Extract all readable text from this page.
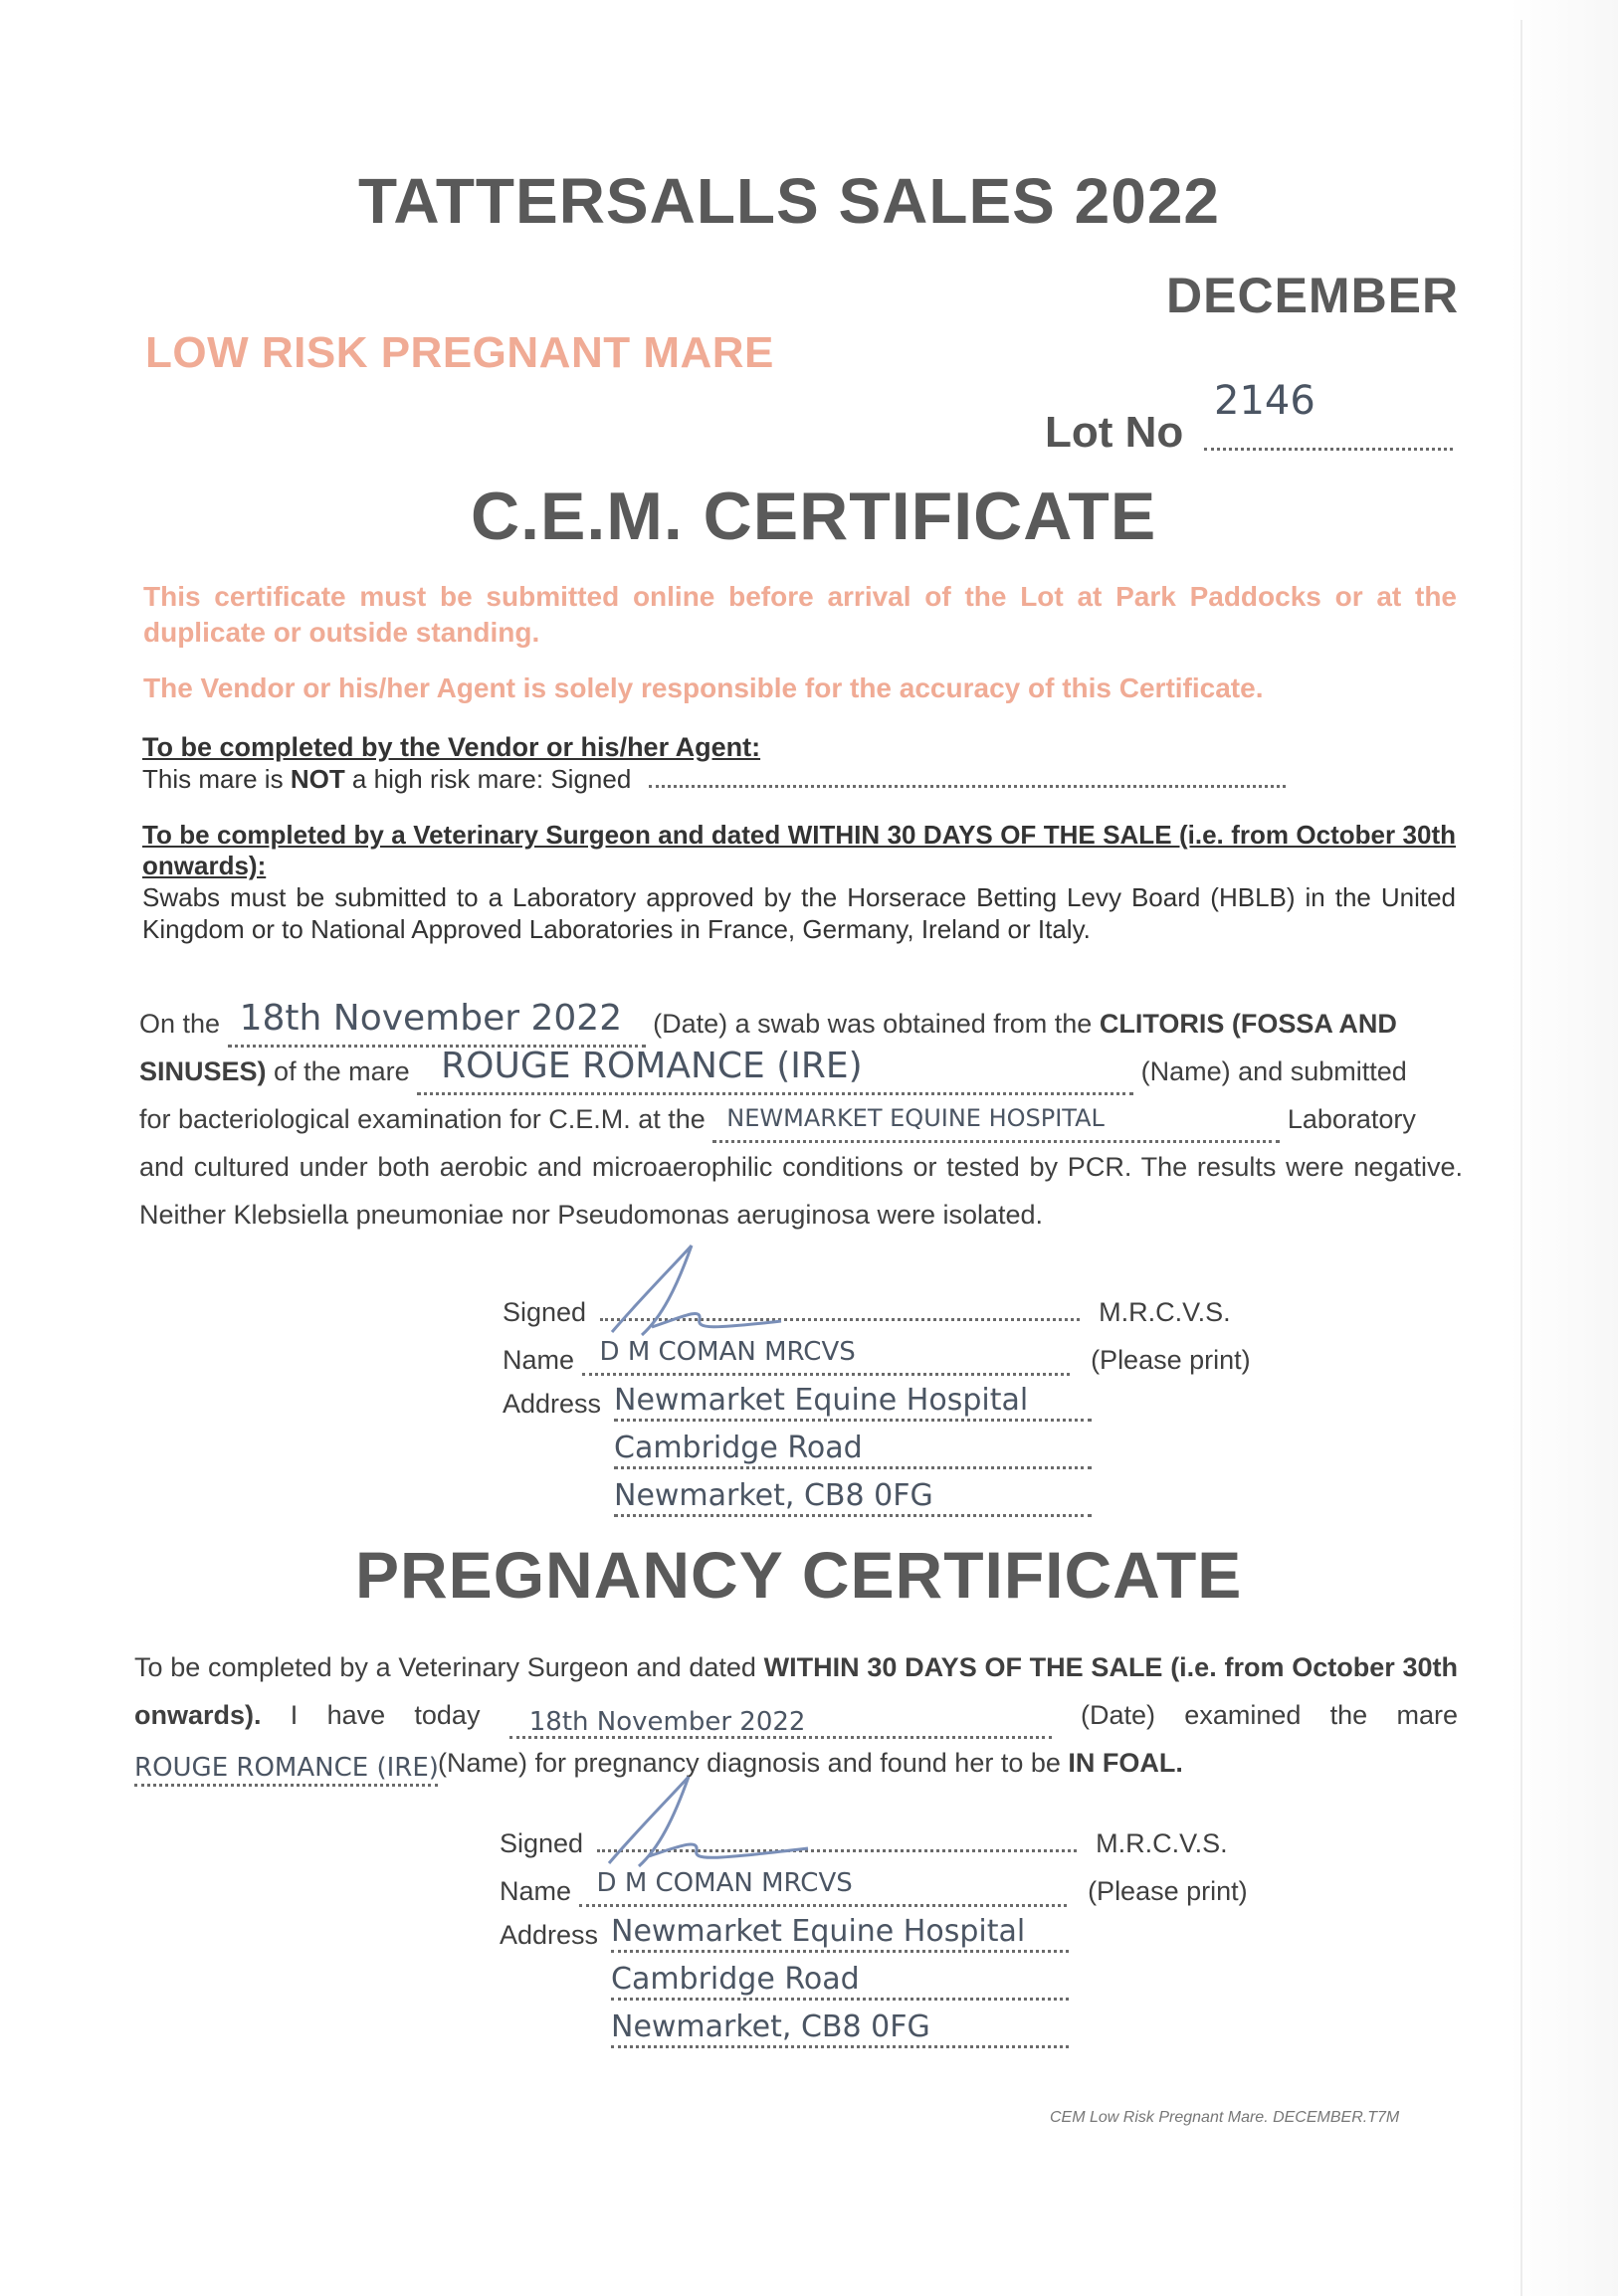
TATTERSALLS SALES 2022
DECEMBER
LOW RISK PREGNANT MARE
Lot No
2146
C.E.M. CERTIFICATE
This certificate must be submitted online before arrival of the Lot at Park Paddocks or at the duplicate or outside standing.
The Vendor or his/her Agent is solely responsible for the accuracy of this Certificate.
To be completed by the Vendor or his/her Agent:
This mare is NOT a high risk mare: Signed
To be completed by a Veterinary Surgeon and dated WITHIN 30 DAYS OF THE SALE (i.e. from October 30th onwards):
Swabs must be submitted to a Laboratory approved by the Horserace Betting Levy Board (HBLB) in the United Kingdom or to National Approved Laboratories in France, Germany, Ireland or Italy.
On the 18th November 2022 (Date) a swab was obtained from the CLITORIS (FOSSA AND SINUSES) of the mare ROUGE ROMANCE (IRE)	(Name) and submitted
for bacteriological examination for C.E.M. at the NEWMARKET EQUINE HOSPITAL	Laboratory
and cultured under both aerobic and microaerophilic conditions or tested by PCR. The results were negative. Neither Klebsiella pneumoniae nor Pseudomonas aeruginosa were isolated.
Signed	M.R.C.V.S.
Name D M COMAN MRCVS	(Please print)
Address Newmarket Equine Hospital
Cambridge Road
Newmarket, CB8 0FG
PREGNANCY CERTIFICATE
To be completed by a Veterinary Surgeon and dated WITHIN 30 DAYS OF THE SALE (i.e. from October 30th onwards). I have today 18th November 2022	(Date) examined the mare
ROUGE ROMANCE (IRE) (Name) for pregnancy diagnosis and found her to be IN FOAL.
Signed	M.R.C.V.S.
Name D M COMAN MRCVS	(Please print)
Address Newmarket Equine Hospital
Cambridge Road
Newmarket, CB8 0FG
CEM Low Risk Pregnant Mare. DECEMBER.T7M
